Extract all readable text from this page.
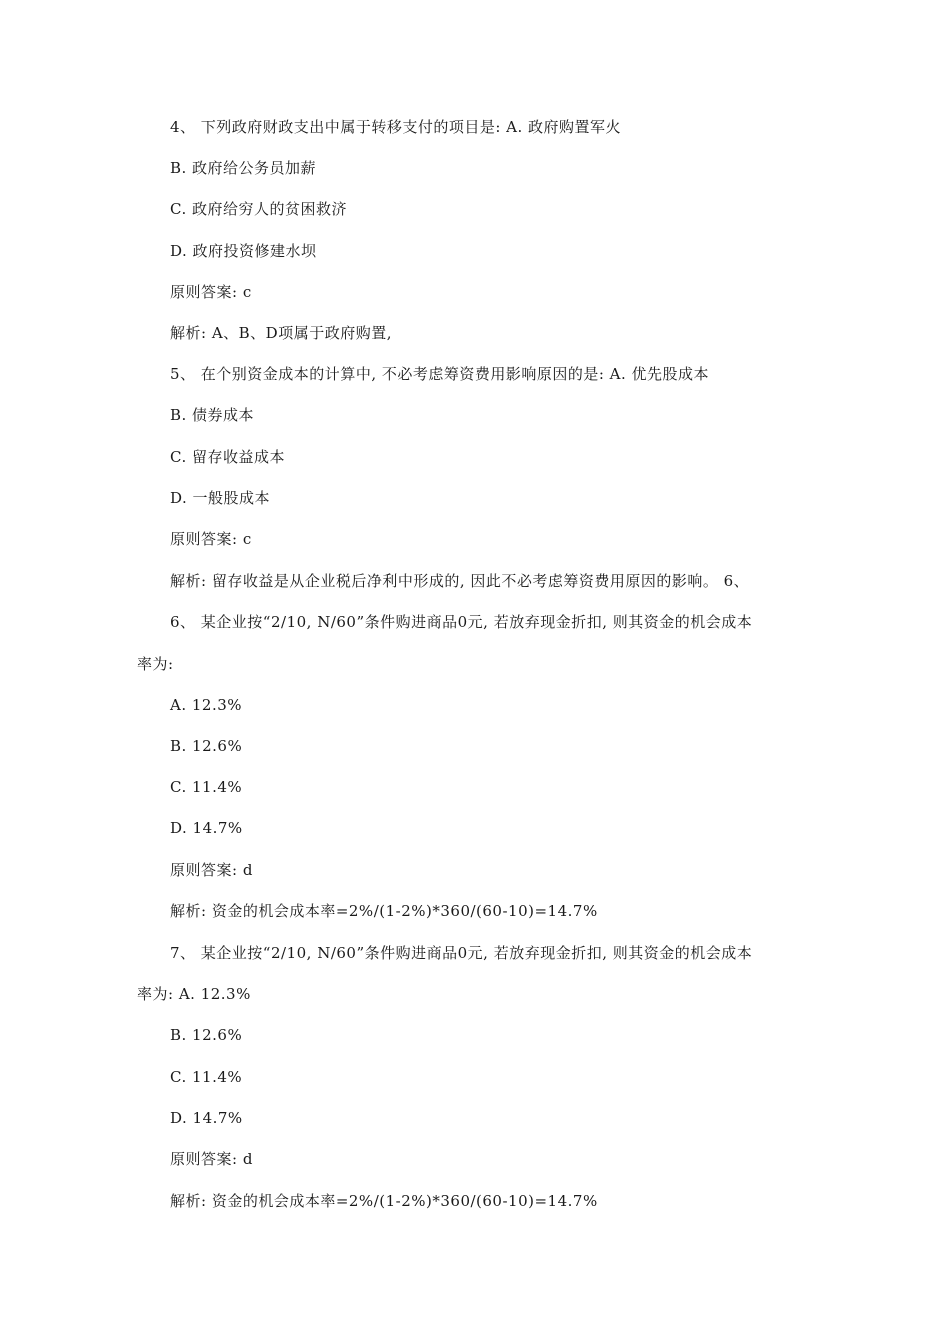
4、 下列政府财政支出中属于转移支付的项目是: A. 政府购置军火
B. 政府给公务员加薪
C. 政府给穷人的贫困救济
D. 政府投资修建水坝
原则答案: c
解析: A、B、D项属于政府购置,
5、 在个别资金成本的计算中, 不必考虑筹资费用影响原因的是: A. 优先股成本
B. 债券成本
C. 留存收益成本
D. 一般股成本
原则答案: c
解析: 留存收益是从企业税后净利中形成的, 因此不必考虑筹资费用原因的影响。 6、
6、 某企业按“2/10, N/60”条件购进商品0元, 若放弃现金折扣, 则其资金的机会成本
率为:
A. 12.3%
B. 12.6%
C. 11.4%
D. 14.7%
原则答案: d
解析: 资金的机会成本率=2%/(1-2%)*360/(60-10)=14.7%
7、 某企业按“2/10, N/60”条件购进商品0元, 若放弃现金折扣, 则其资金的机会成本
率为: A. 12.3%
B. 12.6%
C. 11.4%
D. 14.7%
原则答案: d
解析: 资金的机会成本率=2%/(1-2%)*360/(60-10)=14.7%
